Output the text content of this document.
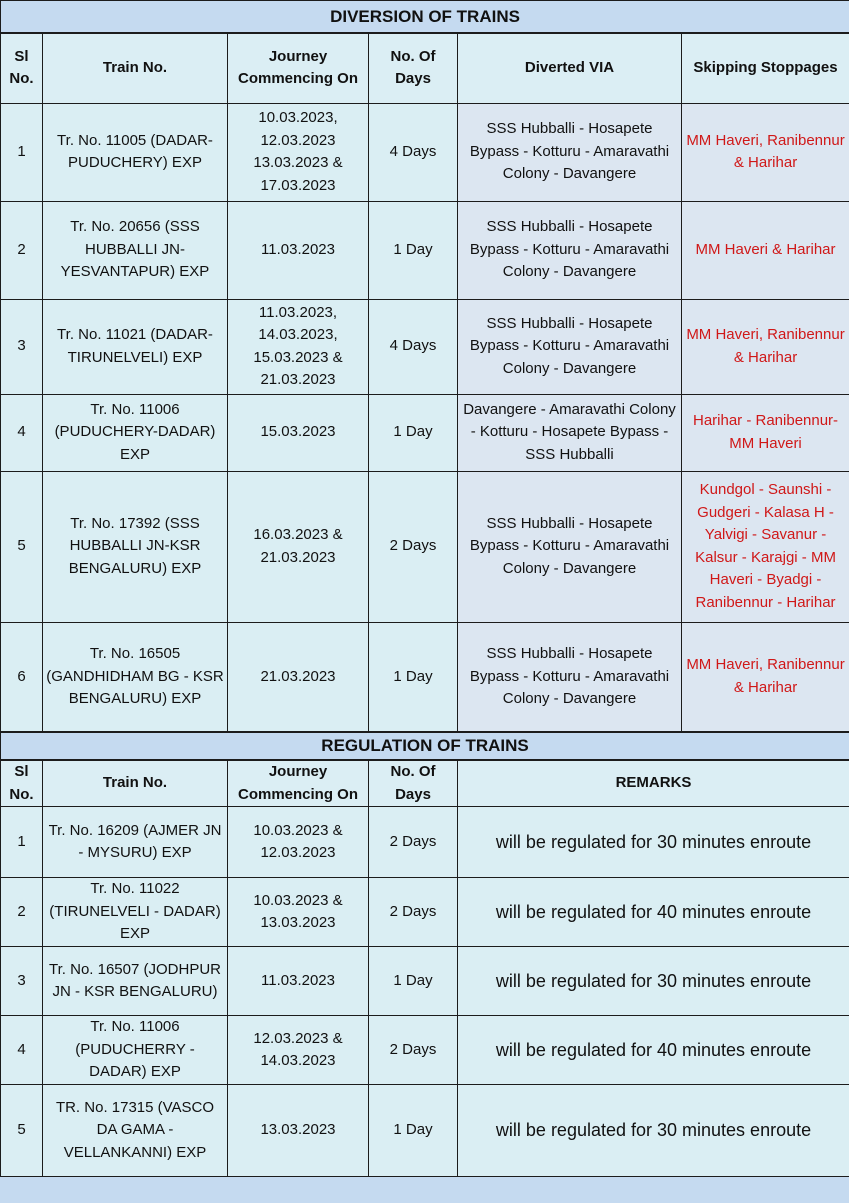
DIVERSION OF TRAINS					
Sl No.	Train No.	Journey Commencing On	No. Of Days	Diverted VIA	Skipping Stoppages
1	Tr. No. 11005 (DADAR-PUDUCHERY) EXP	10.03.2023, 12.03.2023 13.03.2023 & 17.03.2023	4 Days	SSS Hubballi - Hosapete Bypass - Kotturu - Amaravathi Colony - Davangere	MM Haveri, Ranibennur & Harihar
2	Tr. No. 20656 (SSS HUBBALLI JN-YESVANTAPUR) EXP	11.03.2023	1 Day	SSS Hubballi - Hosapete Bypass - Kotturu - Amaravathi Colony - Davangere	MM Haveri & Harihar
3	Tr. No. 11021 (DADAR-TIRUNELVELI) EXP	11.03.2023, 14.03.2023, 15.03.2023 & 21.03.2023	4 Days	SSS Hubballi - Hosapete Bypass - Kotturu - Amaravathi Colony - Davangere	MM Haveri, Ranibennur & Harihar
4	Tr. No. 11006 (PUDUCHERY-DADAR) EXP	15.03.2023	1 Day	Davangere - Amaravathi Colony - Kotturu - Hosapete Bypass - SSS Hubballi	Harihar - Ranibennur- MM Haveri
5	Tr. No. 17392 (SSS HUBBALLI JN-KSR BENGALURU) EXP	16.03.2023 & 21.03.2023	2 Days	SSS Hubballi - Hosapete Bypass - Kotturu - Amaravathi Colony - Davangere	Kundgol - Saunshi - Gudgeri - Kalasa H - Yalvigi - Savanur - Kalsur - Karajgi - MM Haveri - Byadgi - Ranibennur - Harihar
6	Tr. No. 16505 (GANDHIDHAM BG - KSR BENGALURU) EXP	21.03.2023	1 Day	SSS Hubballi - Hosapete Bypass - Kotturu - Amaravathi Colony - Davangere	MM Haveri, Ranibennur & Harihar
REGULATION OF TRAINS					
Sl No.	Train No.	Journey Commencing On	No. Of Days	REMARKS	
1	Tr. No. 16209 (AJMER JN - MYSURU) EXP	10.03.2023 & 12.03.2023	2 Days	will be regulated for 30 minutes enroute	
2	Tr. No. 11022 (TIRUNELVELI - DADAR) EXP	10.03.2023 & 13.03.2023	2 Days	will be regulated for 40 minutes enroute	
3	Tr. No. 16507 (JODHPUR JN - KSR BENGALURU)	11.03.2023	1 Day	will be regulated for 30 minutes enroute	
4	Tr. No. 11006 (PUDUCHERRY - DADAR) EXP	12.03.2023 & 14.03.2023	2 Days	will be regulated for 40 minutes enroute	
5	TR. No. 17315 (VASCO DA GAMA - VELLANKANNI) EXP	13.03.2023	1 Day	will be regulated for 30 minutes enroute	
